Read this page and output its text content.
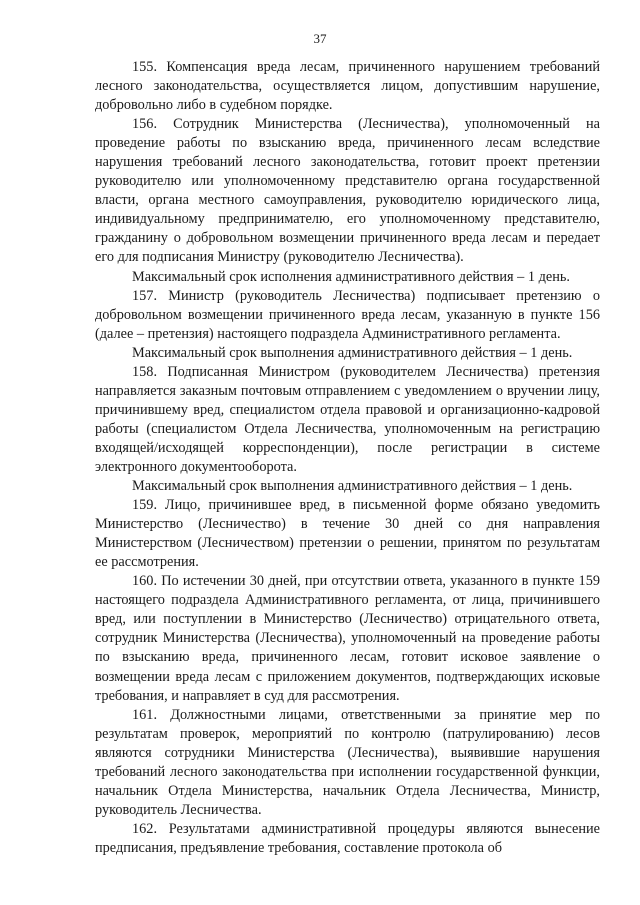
37

155. Компенсация вреда лесам, причиненного нарушением требований лесного законодательства, осуществляется лицом, допустившим нарушение, добровольно либо в судебном порядке.

156. Сотрудник Министерства (Лесничества), уполномоченный на проведение работы по взысканию вреда, причиненного лесам вследствие нарушения требований лесного законодательства, готовит проект претензии руководителю или уполномоченному представителю органа государственной власти, органа местного самоуправления, руководителю юридического лица, индивидуальному предпринимателю, его уполномоченному представителю, гражданину о добровольном возмещении причиненного вреда лесам и передает его для подписания Министру (руководителю Лесничества).

Максимальный срок исполнения административного действия – 1 день.

157. Министр (руководитель Лесничества) подписывает претензию о добровольном возмещении причиненного вреда лесам, указанную в пункте 156 (далее – претензия) настоящего подраздела Административного регламента.

Максимальный срок выполнения административного действия – 1 день.

158. Подписанная Министром (руководителем Лесничества) претензия направляется заказным почтовым отправлением с уведомлением о вручении лицу, причинившему вред, специалистом отдела правовой и организационно-кадровой работы (специалистом Отдела Лесничества, уполномоченным на регистрацию входящей/исходящей корреспонденции), после регистрации в системе электронного документооборота.

Максимальный срок выполнения административного действия – 1 день.

159. Лицо, причинившее вред, в письменной форме обязано уведомить Министерство (Лесничество) в течение 30 дней со дня направления Министерством (Лесничеством) претензии о решении, принятом по результатам ее рассмотрения.

160. По истечении 30 дней, при отсутствии ответа, указанного в пункте 159 настоящего подраздела Административного регламента, от лица, причинившего вред, или поступлении в Министерство (Лесничество) отрицательного ответа, сотрудник Министерства (Лесничества), уполномоченный на проведение работы по взысканию вреда, причиненного лесам, готовит исковое заявление о возмещении вреда лесам с приложением документов, подтверждающих исковые требования, и направляет в суд для рассмотрения.

161. Должностными лицами, ответственными за принятие мер по результатам проверок, мероприятий по контролю (патрулированию) лесов являются сотрудники Министерства (Лесничества), выявившие нарушения требований лесного законодательства при исполнении государственной функции, начальник Отдела Министерства, начальник Отдела Лесничества, Министр, руководитель Лесничества.

162. Результатами административной процедуры являются вынесение предписания, предъявление требования, составление протокола об
